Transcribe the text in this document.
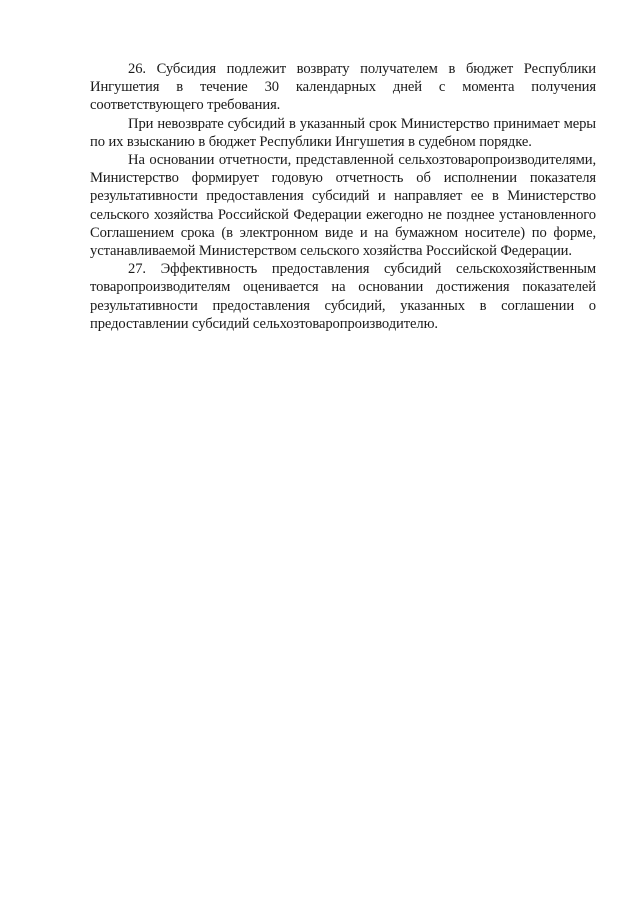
26. Субсидия подлежит возврату получателем в бюджет Республики Ингушетия в течение 30 календарных дней с момента получения соответствующего требования.

При невозврате субсидий в указанный срок Министерство принимает меры по их взысканию в бюджет Республики Ингушетия в судебном порядке.

На основании отчетности, представленной сельхозтоваропроизводителями, Министерство формирует годовую отчетность об исполнении показателя результативности предоставления субсидий и направляет ее в Министерство сельского хозяйства Российской Федерации ежегодно не позднее установленного Соглашением срока (в электронном виде и на бумажном носителе) по форме, устанавливаемой Министерством сельского хозяйства Российской Федерации.

27. Эффективность предоставления субсидий сельскохозяйственным товаропроизводителям оценивается на основании достижения показателей результативности предоставления субсидий, указанных в соглашении о предоставлении субсидий сельхозтоваропроизводителю.
